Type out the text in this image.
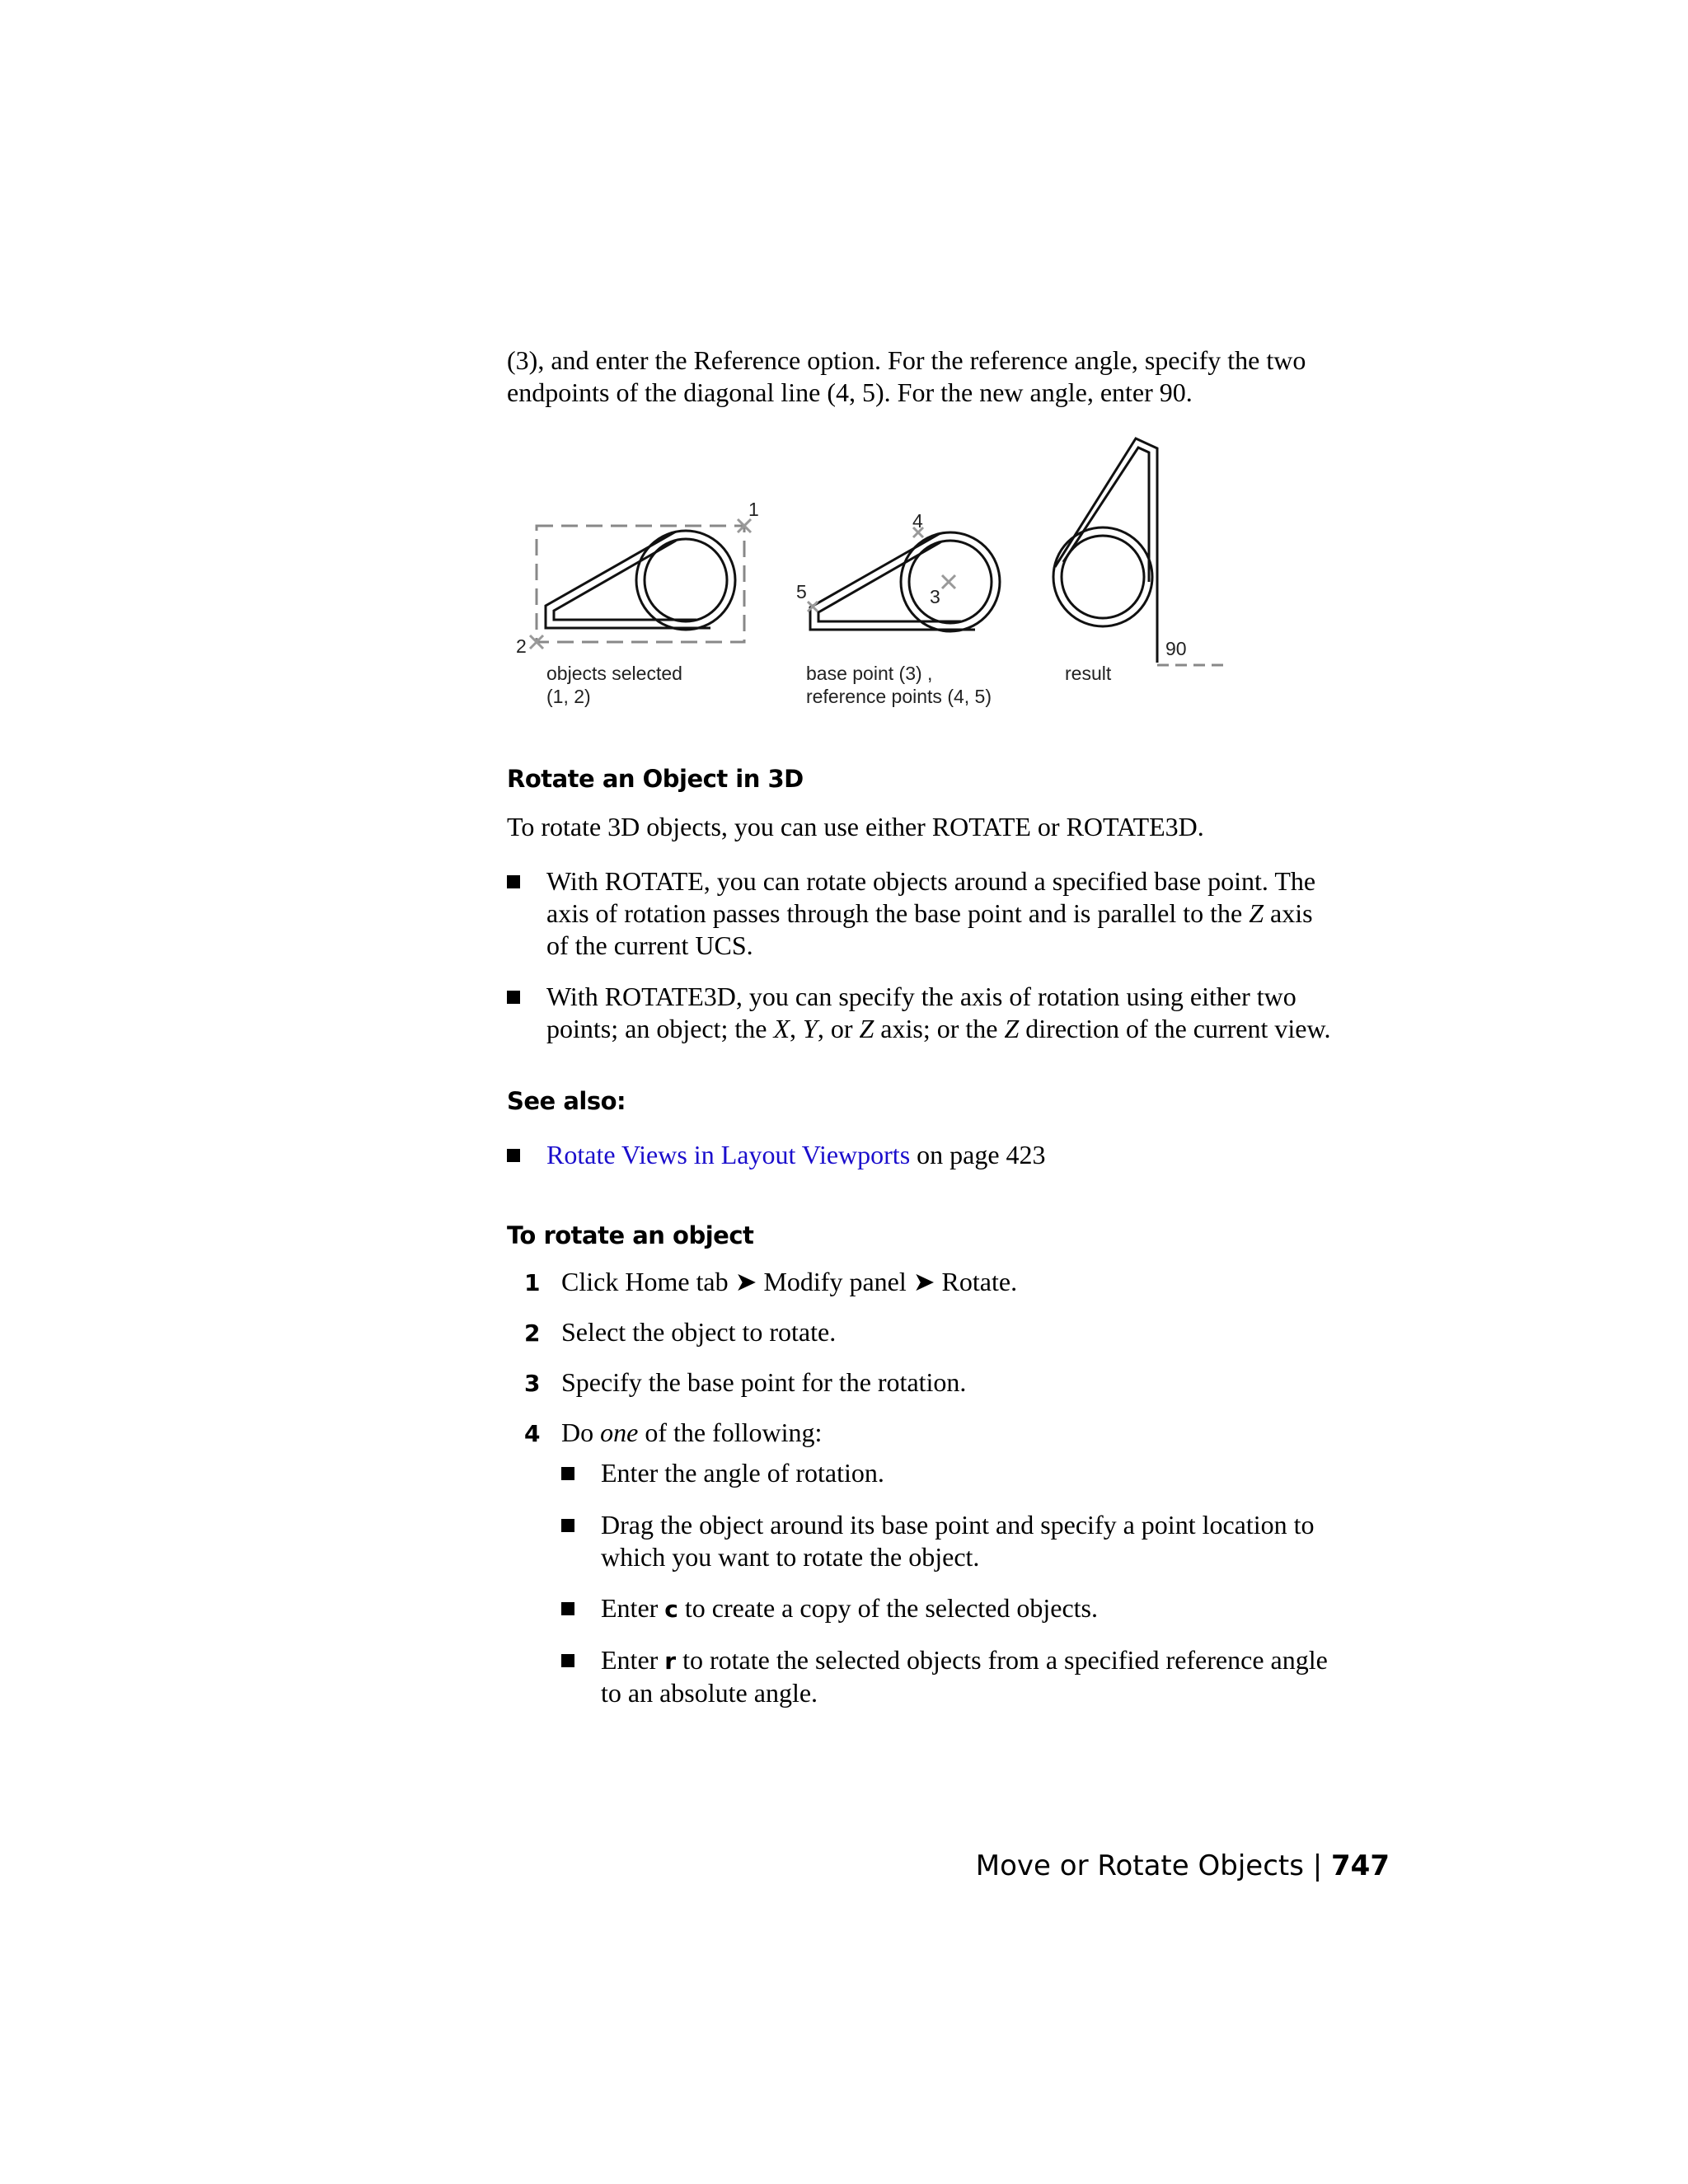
(3), and enter the Reference option. For the reference angle, specify the two
endpoints of the diagonal line (4, 5). For the new angle, enter 90.
1
2
objects selected
(1, 2)
4
5	3
base point (3) ,
reference points (4, 5)
90
result
Rotate an Object in 3D
To rotate 3D objects, you can use either ROTATE or ROTATE3D.
With ROTATE, you can rotate objects around a specified base point. The
axis of rotation passes through the base point and is parallel to the Z axis
of the current UCS.
With ROTATE3D, you can specify the axis of rotation using either two
points; an object; the X, Y, or Z axis; or the Z direction of the current view.
See also:
Rotate Views in Layout Viewports on page 423
To rotate an object
1 Click Home tab ➤ Modify panel ➤ Rotate.
2 Select the object to rotate.
3 Specify the base point for the rotation.
4 Do one of the following:
Enter the angle of rotation.
Drag the object around its base point and specify a point location to
which you want to rotate the object.
Enter c to create a copy of the selected objects.
Enter r to rotate the selected objects from a specified reference angle
to an absolute angle.
Move or Rotate Objects | 747
